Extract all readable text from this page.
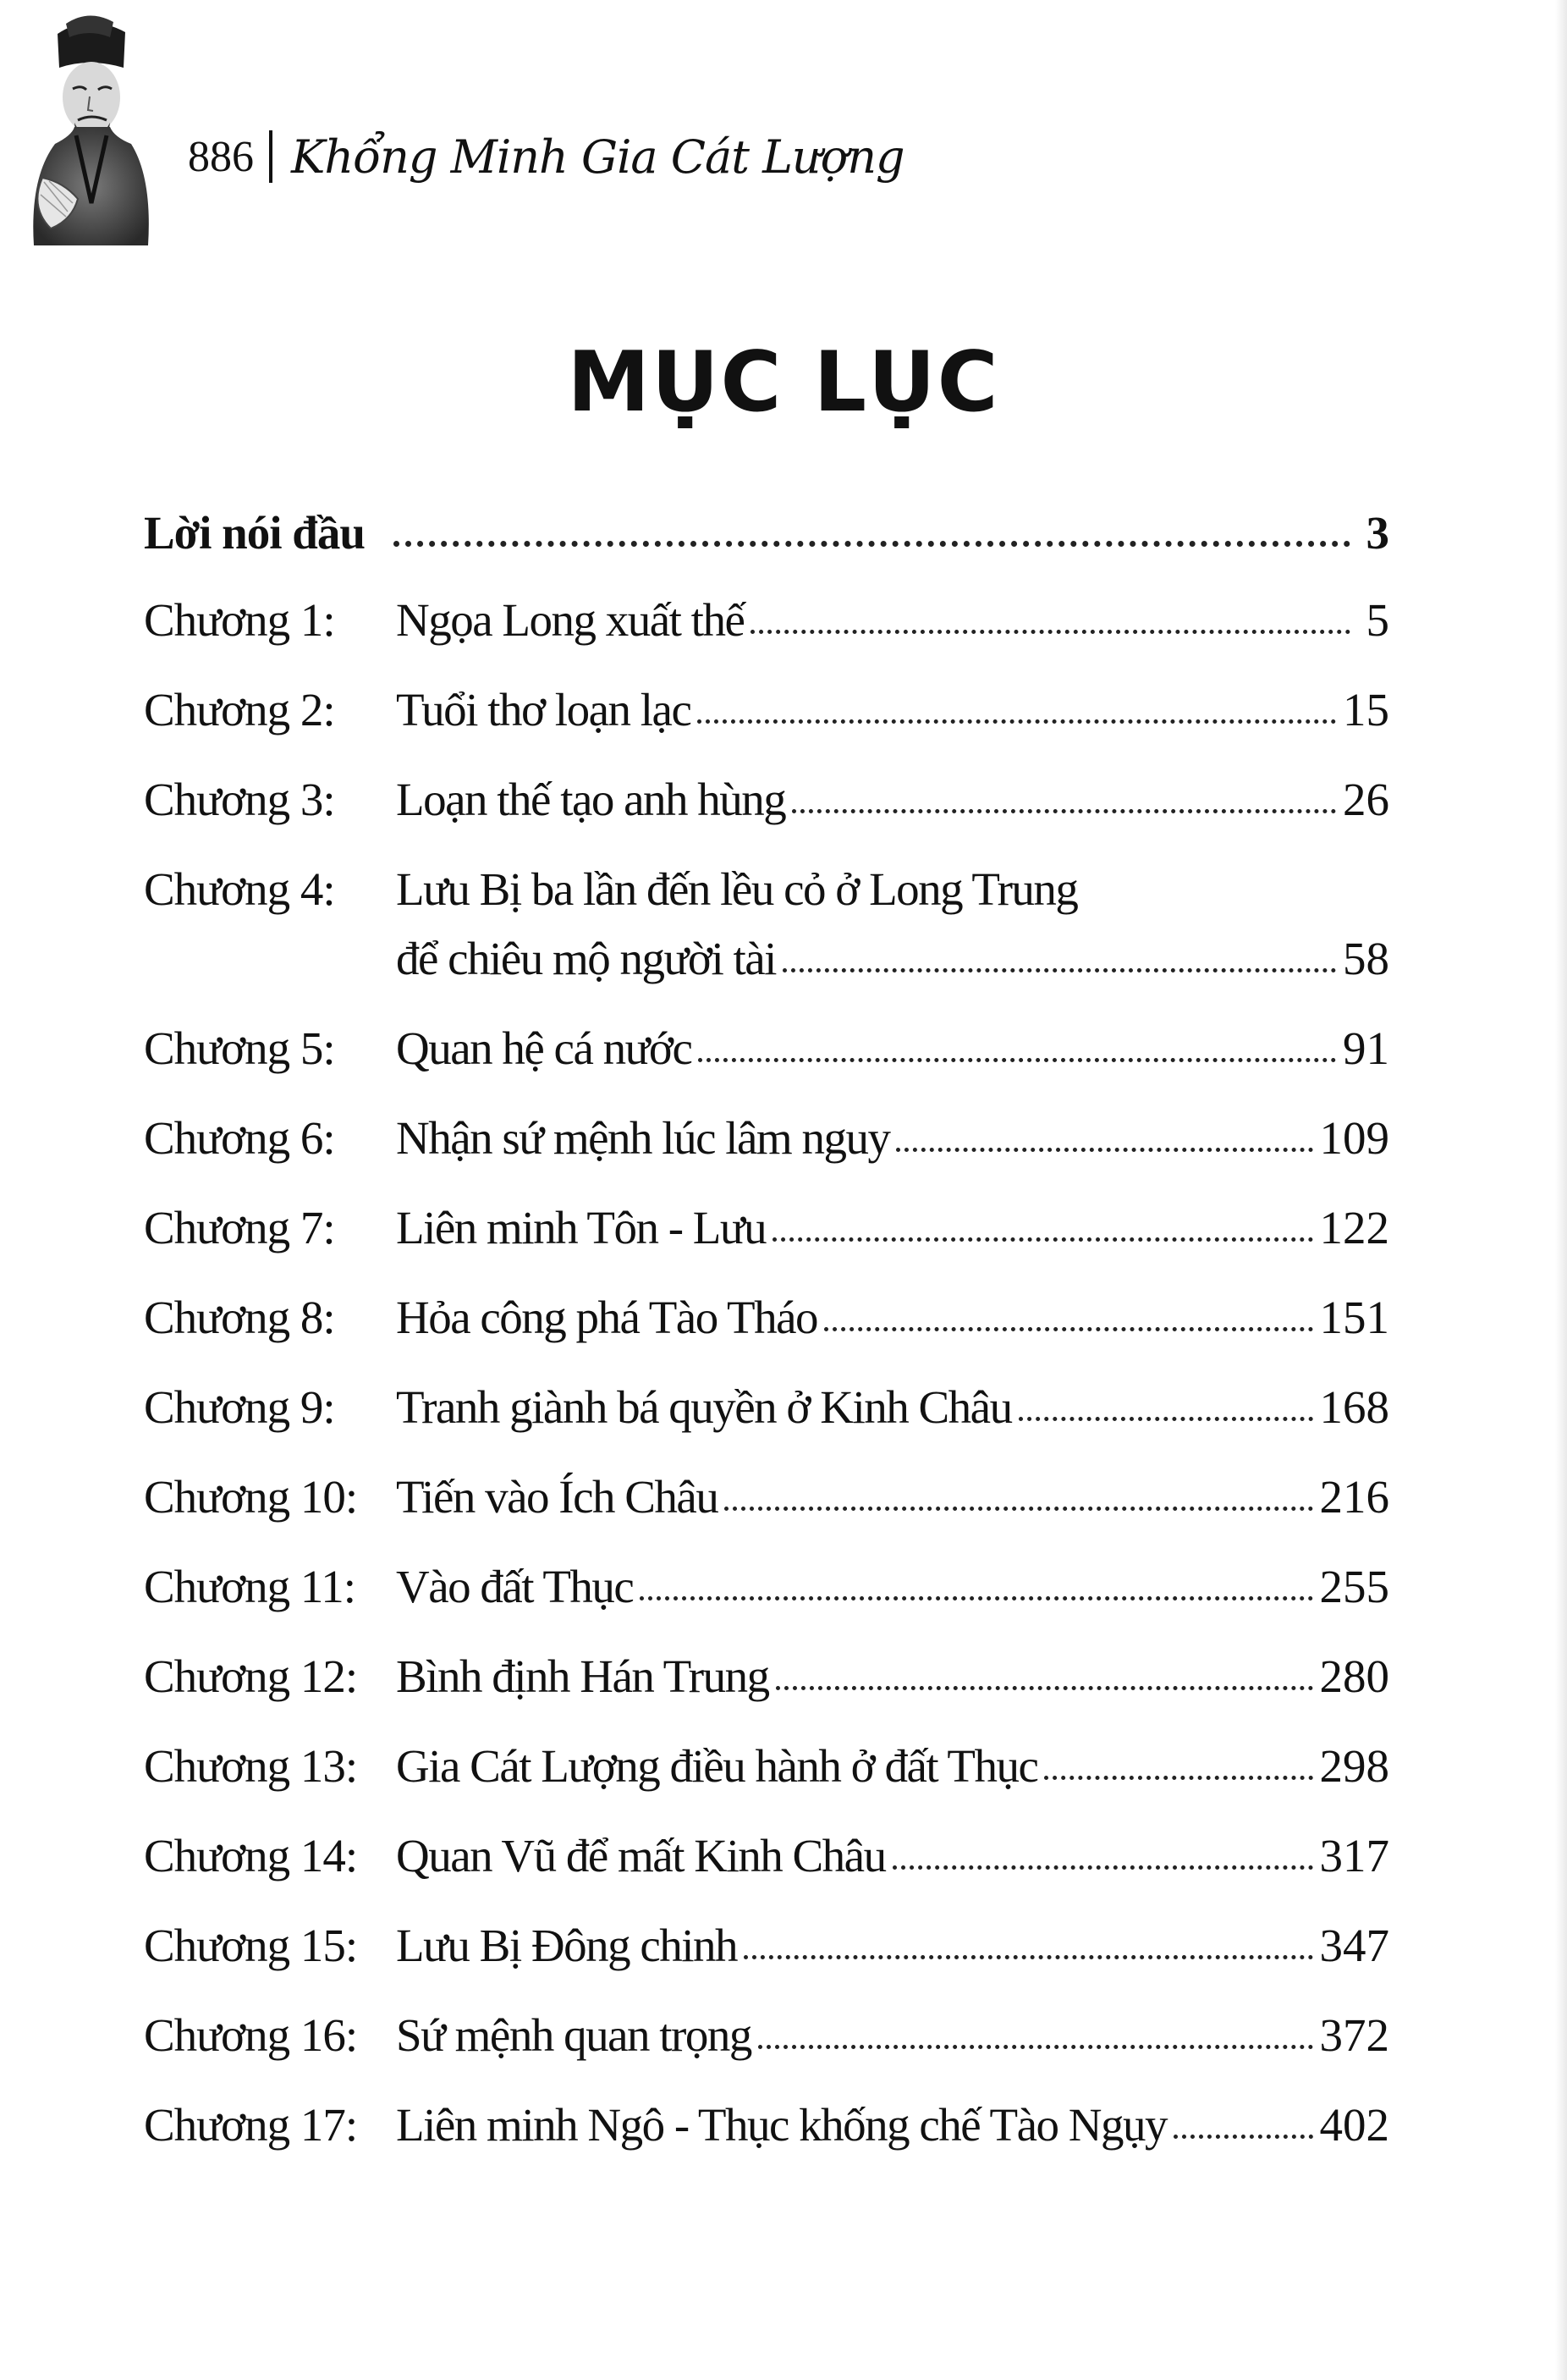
886 Khổng Minh Gia Cát Lượng
MỤC LỤC
Lời nói đầu	3
Chương 1:	Ngọa Long xuất thế	5
Chương 2:	Tuổi thơ loạn lạc	15
Chương 3:	Loạn thế tạo anh hùng	26
Chương 4:	Lưu Bị ba lần đến lều cỏ ở Long Trung
để chiêu mộ người tài	58
Chương 5:	Quan hệ cá nước	91
Chương 6:	Nhận sứ mệnh lúc lâm nguy	109
Chương 7:	Liên minh Tôn - Lưu	122
Chương 8:	Hỏa công phá Tào Tháo	151
Chương 9:	Tranh giành bá quyền ở Kinh Châu	168
Chương 10: Tiến vào Ích Châu	216
Chương 11: Vào đất Thục	255
Chương 12: Bình định Hán Trung	280
Chương 13: Gia Cát Lượng điều hành ở đất Thục	298
Chương 14: Quan Vũ để mất Kinh Châu	317
Chương 15: Lưu Bị Đông chinh	347
Chương 16: Sứ mệnh quan trọng	372
Chương 17: Liên minh Ngô - Thục khống chế Tào Ngụy	402
